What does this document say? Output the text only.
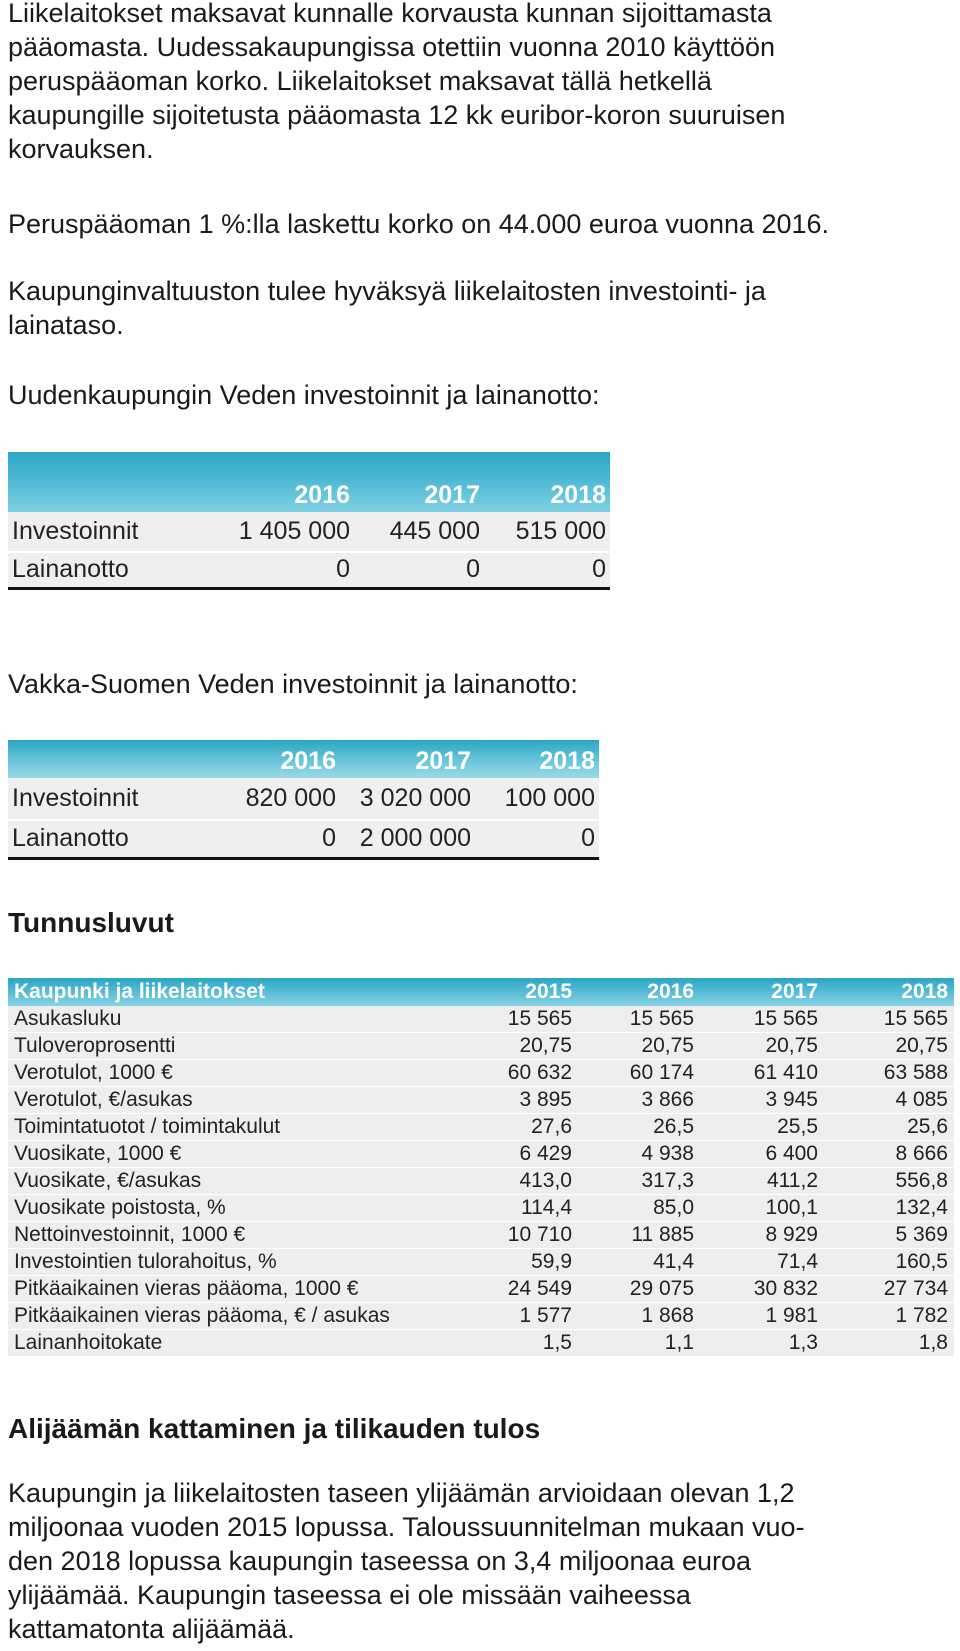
Liikelaitokset maksavat kunnalle korvausta kunnan sijoittamasta
pääomasta. Uudessakaupungissa otettiin vuonna 2010 käyttöön
peruspääoman korko. Liikelaitokset maksavat tällä hetkellä
kaupungille sijoitetusta pääomasta 12 kk euribor-koron suuruisen
korvauksen.

Peruspääoman 1 %:lla laskettu korko on 44.000 euroa vuonna 2016.

Kaupunginvaltuuston tulee hyväksyä liikelaitosten investointi- ja
lainataso.

Uudenkaupungin Veden investoinnit ja lainanotto:

	2016	2017	2018
Investoinnit	1 405 000	445 000	515 000
Lainanotto	0	0	0

Vakka-Suomen Veden investoinnit ja lainanotto:

	2016	2017	2018
Investoinnit	820 000	3 020 000	100 000
Lainanotto	0	2 000 000	0
Tunnusluvut
Kaupunki ja liikelaitokset	2015	2016	2017	2018
Asukasluku	15 565	15 565	15 565	15 565
Tuloveroprosentti	20,75	20,75	20,75	20,75
Verotulot, 1000 €	60 632	60 174	61 410	63 588
Verotulot, €/asukas	3 895	3 866	3 945	4 085
Toimintatuotot / toimintakulut	27,6	26,5	25,5	25,6
Vuosikate, 1000 €	6 429	4 938	6 400	8 666
Vuosikate, €/asukas	413,0	317,3	411,2	556,8
Vuosikate poistosta, %	114,4	85,0	100,1	132,4
Nettoinvestoinnit, 1000 €	10 710	11 885	8 929	5 369
Investointien tulorahoitus, %	59,9	41,4	71,4	160,5
Pitkäaikainen vieras pääoma, 1000 €	24 549	29 075	30 832	27 734
Pitkäaikainen vieras pääoma, € / asukas	1 577	1 868	1 981	1 782
Lainanhoitokate	1,5	1,1	1,3	1,8
Alijäämän kattaminen ja tilikauden tulos

Kaupungin ja liikelaitosten taseen ylijäämän arvioidaan olevan 1,2
miljoonaa vuoden 2015 lopussa. Taloussuunnitelman mukaan vuo-
den 2018 lopussa kaupungin taseessa on 3,4 miljoonaa euroa
ylijäämää. Kaupungin taseessa ei ole missään vaiheessa
kattamatonta alijäämää.
